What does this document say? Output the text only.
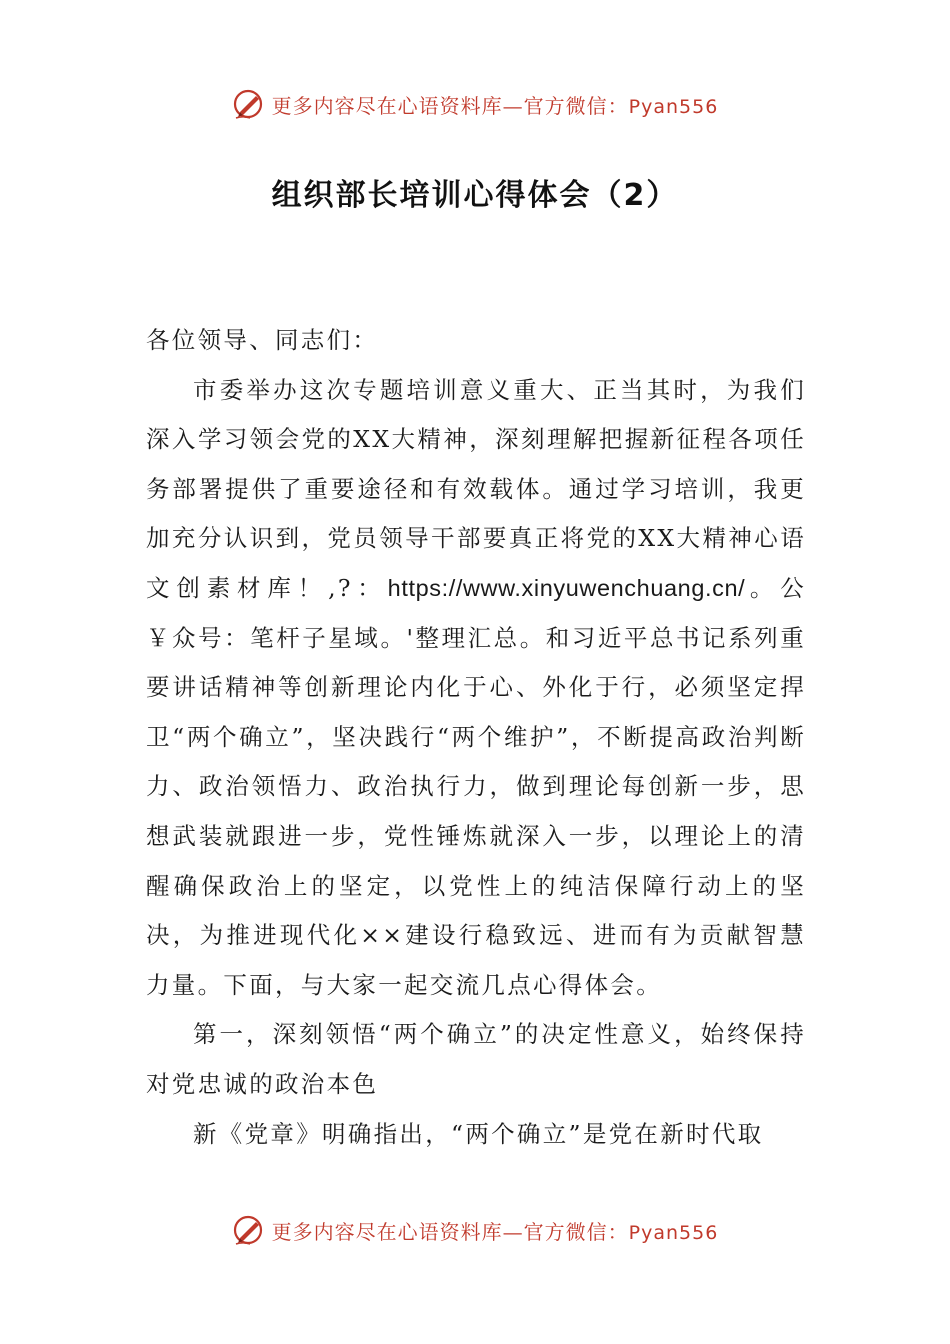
更多内容尽在心语资料库—官方微信：Pyan556
组织部长培训心得体会（2）

各位领导、同志们：

市委举办这次专题培训意义重大、正当其时，为我们深入学习领会党的XX大精神，深刻理解把握新征程各项任务部署提供了重要途径和有效载体。通过学习培训，我更加充分认识到，党员领导干部要真正将党的XX大精神心语文创素材库！,?：https://www.xinyuwenchuang.cn/。公￥众号：笔杆子星域。'整理汇总。和习近平总书记系列重要讲话精神等创新理论内化于心、外化于行，必须坚定捍卫“两个确立”，坚决践行“两个维护”，不断提高政治判断力、政治领悟力、政治执行力，做到理论每创新一步，思想武装就跟进一步，党性锤炼就深入一步，以理论上的清醒确保政治上的坚定，以党性上的纯洁保障行动上的坚决，为推进现代化××建设行稳致远、进而有为贡献智慧力量。下面，与大家一起交流几点心得体会。

第一，深刻领悟“两个确立”的决定性意义，始终保持对党忠诚的政治本色

新《党章》明确指出，“两个确立”是党在新时代取

更多内容尽在心语资料库—官方微信：Pyan556
